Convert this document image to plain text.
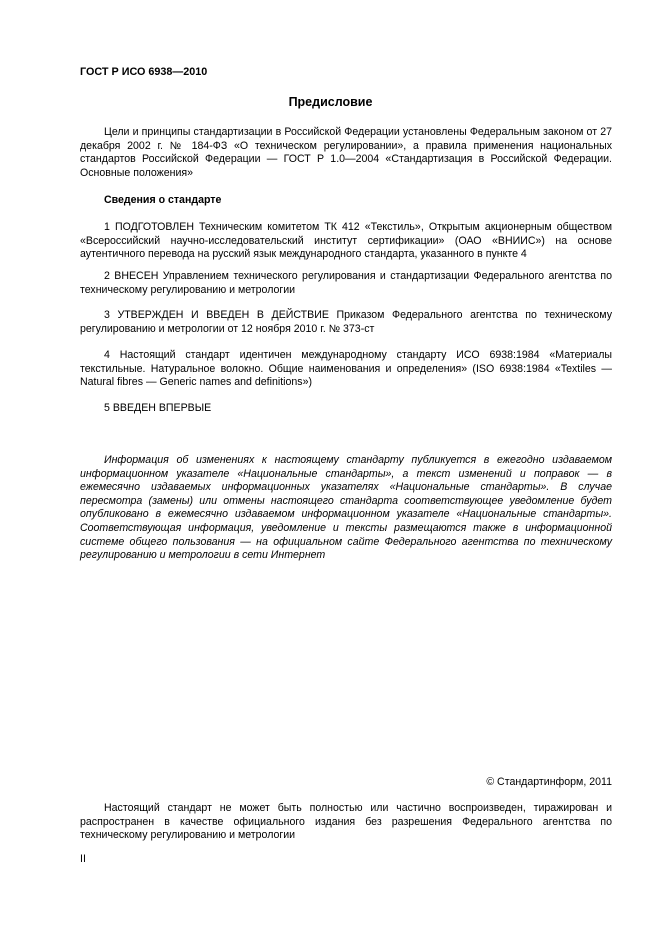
ГОСТ Р ИСО 6938—2010
Предисловие
Цели и принципы стандартизации в Российской Федерации установлены Федеральным законом от 27 декабря 2002 г. № 184-ФЗ «О техническом регулировании», а правила применения национальных стандартов Российской Федерации — ГОСТ Р 1.0—2004 «Стандартизация в Российской Федерации. Основные положения»
Сведения о стандарте
1 ПОДГОТОВЛЕН Техническим комитетом ТК 412 «Текстиль», Открытым акционерным обществом «Всероссийский научно-исследовательский институт сертификации» (ОАО «ВНИИС») на основе аутентичного перевода на русский язык международного стандарта, указанного в пункте 4
2 ВНЕСЕН Управлением технического регулирования и стандартизации Федерального агентства по техническому регулированию и метрологии
3 УТВЕРЖДЕН И ВВЕДЕН В ДЕЙСТВИЕ Приказом Федерального агентства по техническому регулированию и метрологии от 12 ноября 2010 г. № 373-ст
4 Настоящий стандарт идентичен международному стандарту ИСО 6938:1984 «Материалы текстильные. Натуральное волокно. Общие наименования и определения» (ISO 6938:1984 «Textiles — Natural fibres — Generic names and definitions»)
5 ВВЕДЕН ВПЕРВЫЕ
Информация об изменениях к настоящему стандарту публикуется в ежегодно издаваемом информационном указателе «Национальные стандарты», а текст изменений и поправок — в ежемесячно издаваемых информационных указателях «Национальные стандарты». В случае пересмотра (замены) или отмены настоящего стандарта соответствующее уведомление будет опубликовано в ежемесячно издаваемом информационном указателе «Национальные стандарты». Соответствующая информация, уведомление и тексты размещаются также в информационной системе общего пользования — на официальном сайте Федерального агентства по техническому регулированию и метрологии в сети Интернет
© Стандартинформ, 2011
Настоящий стандарт не может быть полностью или частично воспроизведен, тиражирован и распространен в качестве официального издания без разрешения Федерального агентства по техническому регулированию и метрологии
II
